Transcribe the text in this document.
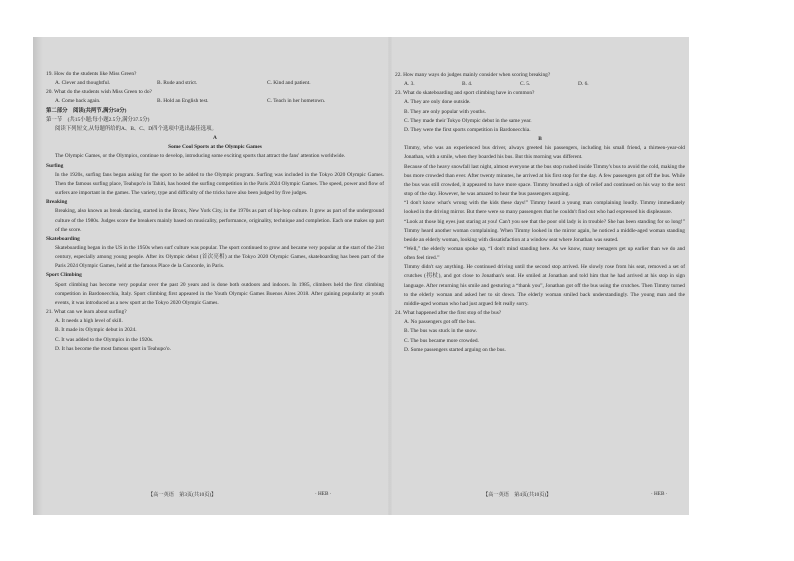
19. How do the students like Miss Green?
A. Clever and thoughtful.	B. Rude and strict.	C. Kind and patient.
20. What do the students wish Miss Green to do?
A. Come back again.	B. Hold an English test.	C. Teach in her hometown.
第二部分　阅读(共两节,满分50分)
第一节　(共15小题;每小题2.5分,满分37.5分)
阅读下列短文,从每题所给的A、B、C、D四个选项中选出最佳选项。
A
Some Cool Sports at the Olympic Games

The Olympic Games, or the Olympics, continue to develop, introducing some exciting sports that attract the fans' attention worldwide.

Surfing

In the 1920s, surfing fans began asking for the sport to be added to the Olympic program. Surfing was included in the Tokyo 2020 Olympic Games. Then the famous surfing place, Teahupo'o in Tahiti, has hosted the surfing competition in the Paris 2024 Olympic Games. The speed, power and flow of surfers are important in the games. The variety, type and difficulty of the tricks have also been judged by five judges.

Breaking

Breaking, also known as break dancing, started in the Bronx, New York City, in the 1970s as part of hip-hop culture. It grew as part of the underground culture of the 1980s. Judges score the breakers mainly based on musicality, performance, originality, technique and completion. Each one makes up part of the score.

Skateboarding

Skateboarding began in the US in the 1950s when surf culture was popular. The sport continued to grow and became very popular at the start of the 21st century, especially among young people. After its Olympic debut (首次亮相) at the Tokyo 2020 Olympic Games, skateboarding has been part of the Paris 2024 Olympic Games, held at the famous Place de la Concorde, in Paris.

Sport Climbing

Sport climbing has become very popular over the past 20 years and is done both outdoors and indoors. In 1985, climbers held the first climbing competition in Bardonecchia, Italy. Sport climbing first appeared in the Youth Olympic Games Buenos Aires 2018. After gaining popularity at youth events, it was introduced as a new sport at the Tokyo 2020 Olympic Games.

21. What can we learn about surfing?
A. It needs a high level of skill.
B. It made its Olympic debut in 2024.
C. It was added to the Olympics in the 1920s.
D. It has become the most famous sport in Teahupo'o.
【高一英语　第3页(共10页)】	· HEB ·
22. How many ways do judges mainly consider when scoring breaking?
A. 3.	B. 4.	C. 5.	D. 6.
23. What do skateboarding and sport climbing have in common?
A. They are only done outside.
B. They are only popular with youths.
C. They made their Tokyo Olympic debut in the same year.
D. They were the first sports competition in Bardonecchia.
B

Timmy, who was an experienced bus driver, always greeted his passengers, including his small friend, a thirteen-year-old Jonathan, with a smile, when they boarded his bus. But this morning was different.

Because of the heavy snowfall last night, almost everyone at the bus stop rushed inside Timmy's bus to avoid the cold, making the bus more crowded than ever. After twenty minutes, he arrived at his first stop for the day. A few passengers got off the bus. While the bus was still crowded, it appeared to have more space. Timmy breathed a sigh of relief and continued on his way to the next stop of the day. However, he was amazed to hear the bus passengers arguing.

“I don't know what's wrong with the kids these days!” Timmy heard a young man complaining loudly. Timmy immediately looked in the driving mirror. But there were so many passengers that he couldn't find out who had expressed his displeasure.

“Look at those big eyes just staring at you! Can't you see that the poor old lady is in trouble? She has been standing for so long!” Timmy heard another woman complaining. When Timmy looked in the mirror again, he noticed a middle-aged woman standing beside an elderly woman, looking with dissatisfaction at a window seat where Jonathan was seated.

“Well,” the elderly woman spoke up, “I don't mind standing here. As we know, many teenagers get up earlier than we do and often feel tired.”

Timmy didn't say anything. He continued driving until the second stop arrived. He slowly rose from his seat, removed a set of crutches (拐杖), and got close to Jonathan's seat. He smiled at Jonathan and told him that he had arrived at his stop in sign language. After returning his smile and gesturing a “thank you”, Jonathan got off the bus using the crutches. Then Timmy turned to the elderly woman and asked her to sit down. The elderly woman smiled back understandingly. The young man and the middle-aged woman who had just argued felt really sorry.

24. What happened after the first stop of the bus?
A. No passengers got off the bus.
B. The bus was stuck in the snow.
C. The bus became more crowded.
D. Some passengers started arguing on the bus.
【高一英语　第4页(共10页)】	· HEB ·
